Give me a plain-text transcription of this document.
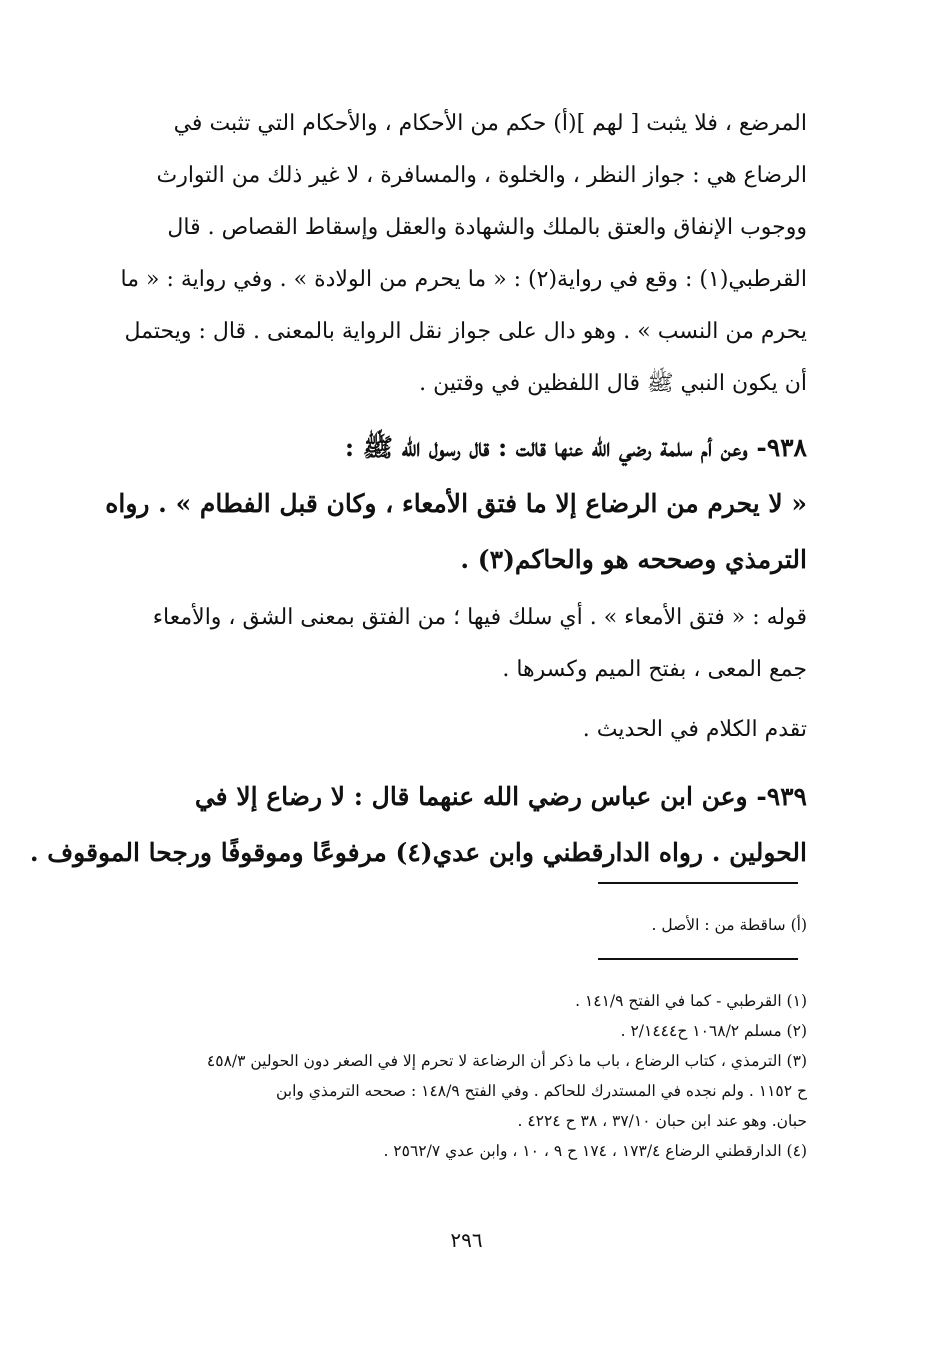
المرضع ، فلا يثبت [ لهم ](أ) حكم من الأحكام ، والأحكام التي تثبت في
الرضاع هي : جواز النظر ، والخلوة ، والمسافرة ، لا غير ذلك من التوارث
ووجوب الإنفاق والعتق بالملك والشهادة والعقل وإسقاط القصاص . قال
القرطبي(١) : وقع في رواية(٢) : « ما يحرم من الولادة » . وفي رواية : « ما
يحرم من النسب » . وهو دال على جواز نقل الرواية بالمعنى . قال : ويحتمل
أن يكون النبي ﷺ قال اللفظين في وقتين .
٩٣٨- وعن أم سلمة رضي الله عنها قالت : قال رسول الله ﷺ :
« لا يحرم من الرضاع إلا ما فتق الأمعاء ، وكان قبل الفطام » . رواه
الترمذي وصححه هو والحاكم(٣) .
قوله : « فتق الأمعاء » . أي سلك فيها ؛ من الفتق بمعنى الشق ، والأمعاء
جمع المعى ، بفتح الميم وكسرها .
تقدم الكلام في الحديث .
٩٣٩- وعن ابن عباس رضي الله عنهما قال : لا رضاع إلا في
الحولين . رواه الدارقطني وابن عدي(٤) مرفوعًا وموقوفًا ورجحا الموقوف .
(أ) ساقطة من : الأصل .
(١) القرطبي - كما في الفتح ١٤١/٩ .
(٢) مسلم ١٠٦٨/٢ ح٢/١٤٤٤ .
(٣) الترمذي ، كتاب الرضاع ، باب ما ذكر أن الرضاعة لا تحرم إلا في الصغر دون الحولين ٤٥٨/٣
ح ١١٥٢ . ولم نجده في المستدرك للحاكم . وفي الفتح ١٤٨/٩ : صححه الترمذي وابن
حبان. وهو عند ابن حبان ٣٧/١٠ ، ٣٨ ح ٤٢٢٤ .
(٤) الدارقطني الرضاع ١٧٣/٤ ، ١٧٤ ح ٩ ، ١٠ ، وابن عدي ٢٥٦٢/٧ .
٢٩٦
